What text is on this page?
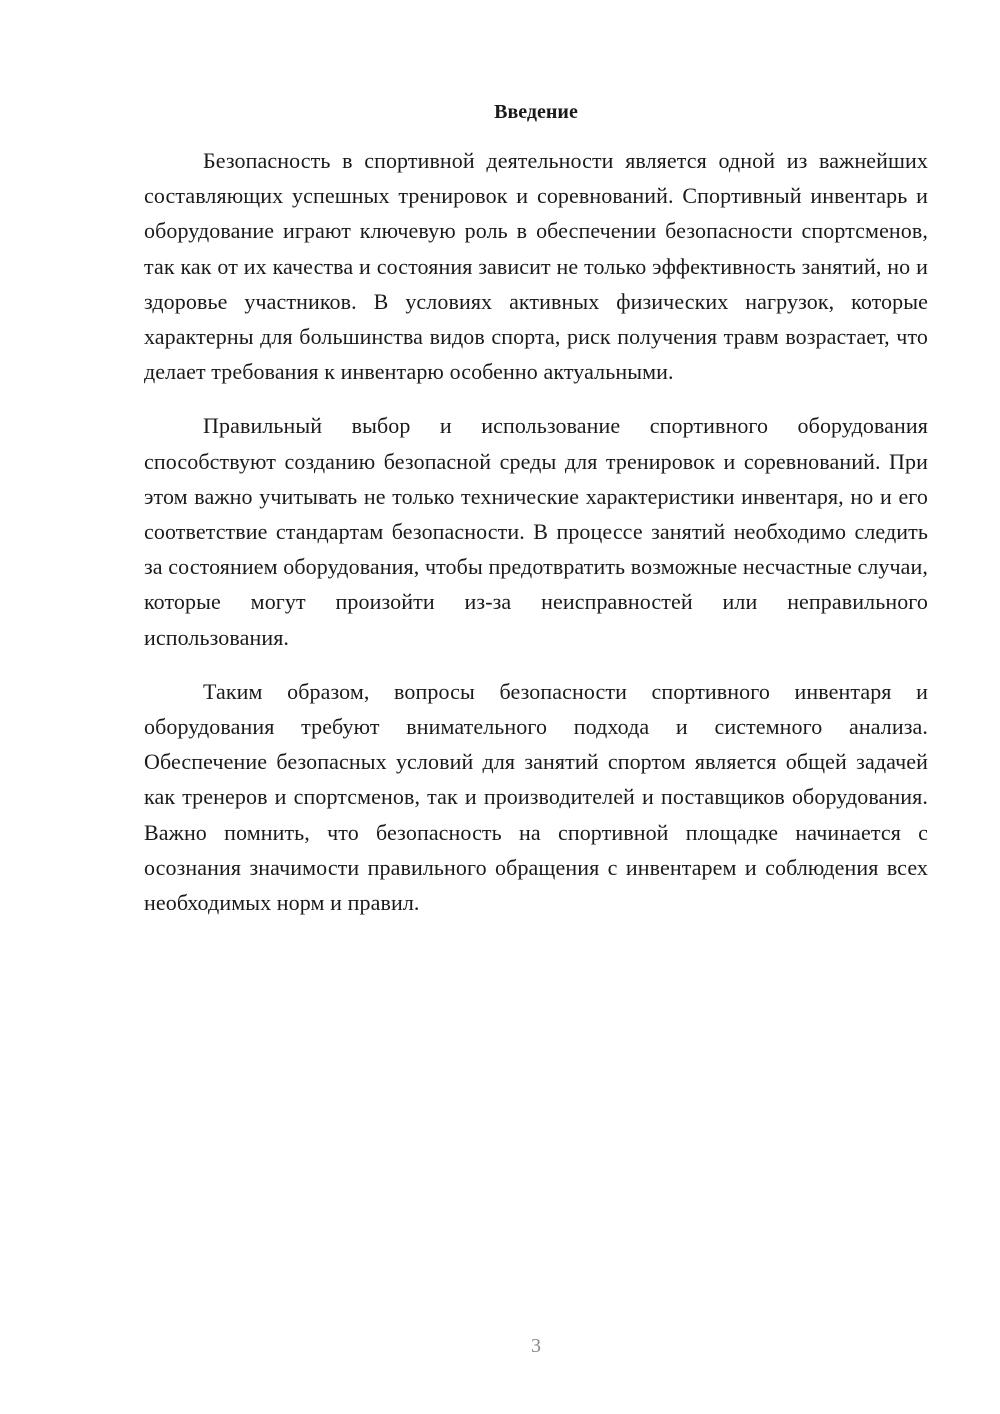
Введение

Безопасность в спортивной деятельности является одной из важнейших составляющих успешных тренировок и соревнований. Спортивный инвентарь и оборудование играют ключевую роль в обеспечении безопасности спортсменов, так как от их качества и состояния зависит не только эффективность занятий, но и здоровье участников. В условиях активных физических нагрузок, которые характерны для большинства видов спорта, риск получения травм возрастает, что делает требования к инвентарю особенно актуальными.

Правильный выбор и использование спортивного оборудования способствуют созданию безопасной среды для тренировок и соревнований. При этом важно учитывать не только технические характеристики инвентаря, но и его соответствие стандартам безопасности. В процессе занятий необходимо следить за состоянием оборудования, чтобы предотвратить возможные несчастные случаи, которые могут произойти из-за неисправностей или неправильного использования.

Таким образом, вопросы безопасности спортивного инвентаря и оборудования требуют внимательного подхода и системного анализа. Обеспечение безопасных условий для занятий спортом является общей задачей как тренеров и спортсменов, так и производителей и поставщиков оборудования. Важно помнить, что безопасность на спортивной площадке начинается с осознания значимости правильного обращения с инвентарем и соблюдения всех необходимых норм и правил.

3
